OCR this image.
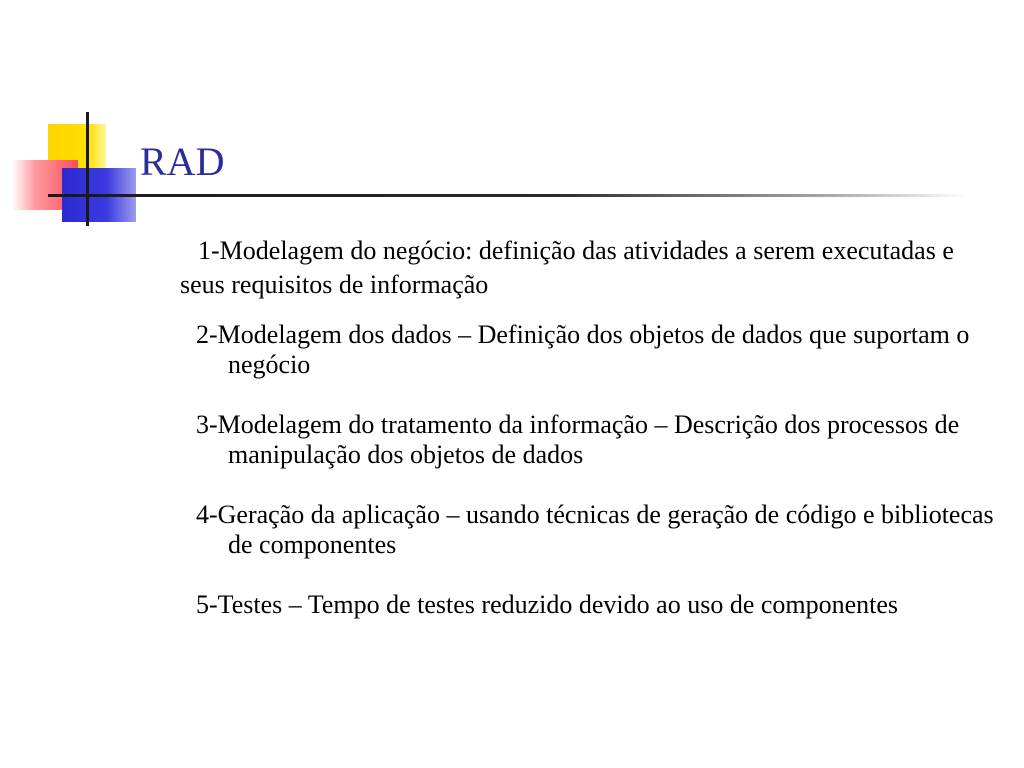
RAD

1-Modelagem do negócio: definição das atividades a serem executadas e seus requisitos de informação

2-Modelagem dos dados – Definição dos objetos de dados que suportam o negócio
3-Modelagem do tratamento da informação – Descrição dos processos de manipulação dos objetos de dados
4-Geração da aplicação – usando técnicas de geração de código e bibliotecas de componentes
5-Testes – Tempo de testes reduzido devido ao uso de componentes
